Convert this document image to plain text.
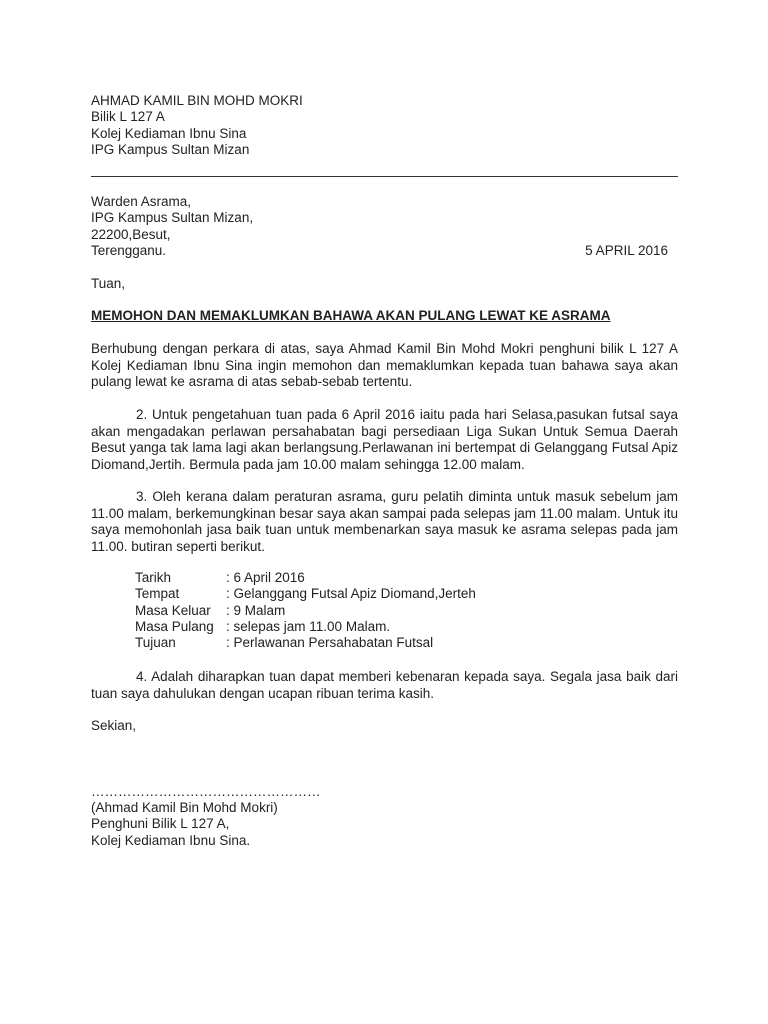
AHMAD KAMIL BIN MOHD MOKRI
Bilik L 127 A
Kolej Kediaman Ibnu Sina
IPG Kampus Sultan Mizan
Warden Asrama,
IPG Kampus Sultan Mizan,
22200,Besut,
Terengganu.	5 APRIL 2016
Tuan,
MEMOHON DAN MEMAKLUMKAN BAHAWA AKAN PULANG LEWAT KE ASRAMA
Berhubung dengan perkara di atas, saya Ahmad Kamil Bin Mohd Mokri penghuni bilik L 127 A Kolej Kediaman Ibnu Sina ingin memohon dan memaklumkan kepada tuan bahawa saya akan pulang lewat ke asrama di atas sebab-sebab tertentu.
2. Untuk pengetahuan tuan pada 6 April 2016 iaitu pada hari Selasa,pasukan futsal saya akan mengadakan perlawan persahabatan bagi persediaan Liga Sukan Untuk Semua Daerah Besut yanga tak lama lagi akan berlangsung.Perlawanan ini bertempat di Gelanggang Futsal Apiz Diomand,Jertih. Bermula pada jam 10.00 malam sehingga 12.00 malam.
3. Oleh kerana dalam peraturan asrama, guru pelatih diminta untuk masuk sebelum jam 11.00 malam, berkemungkinan besar saya akan sampai pada selepas jam 11.00 malam. Untuk itu saya memohonlah jasa baik tuan untuk membenarkan saya masuk ke asrama selepas pada jam 11.00. butiran seperti berikut.
Tarikh	: 6 April 2016
Tempat	: Gelanggang Futsal Apiz Diomand,Jerteh
Masa Keluar : 9 Malam
Masa Pulang : selepas jam 11.00 Malam.
Tujuan	: Perlawanan Persahabatan Futsal
4. Adalah diharapkan tuan dapat memberi kebenaran kepada saya. Segala jasa baik dari tuan saya dahulukan dengan ucapan ribuan terima kasih.
Sekian,
……………………………………………
(Ahmad Kamil Bin Mohd Mokri)
Penghuni Bilik L 127 A,
Kolej Kediaman Ibnu Sina.
